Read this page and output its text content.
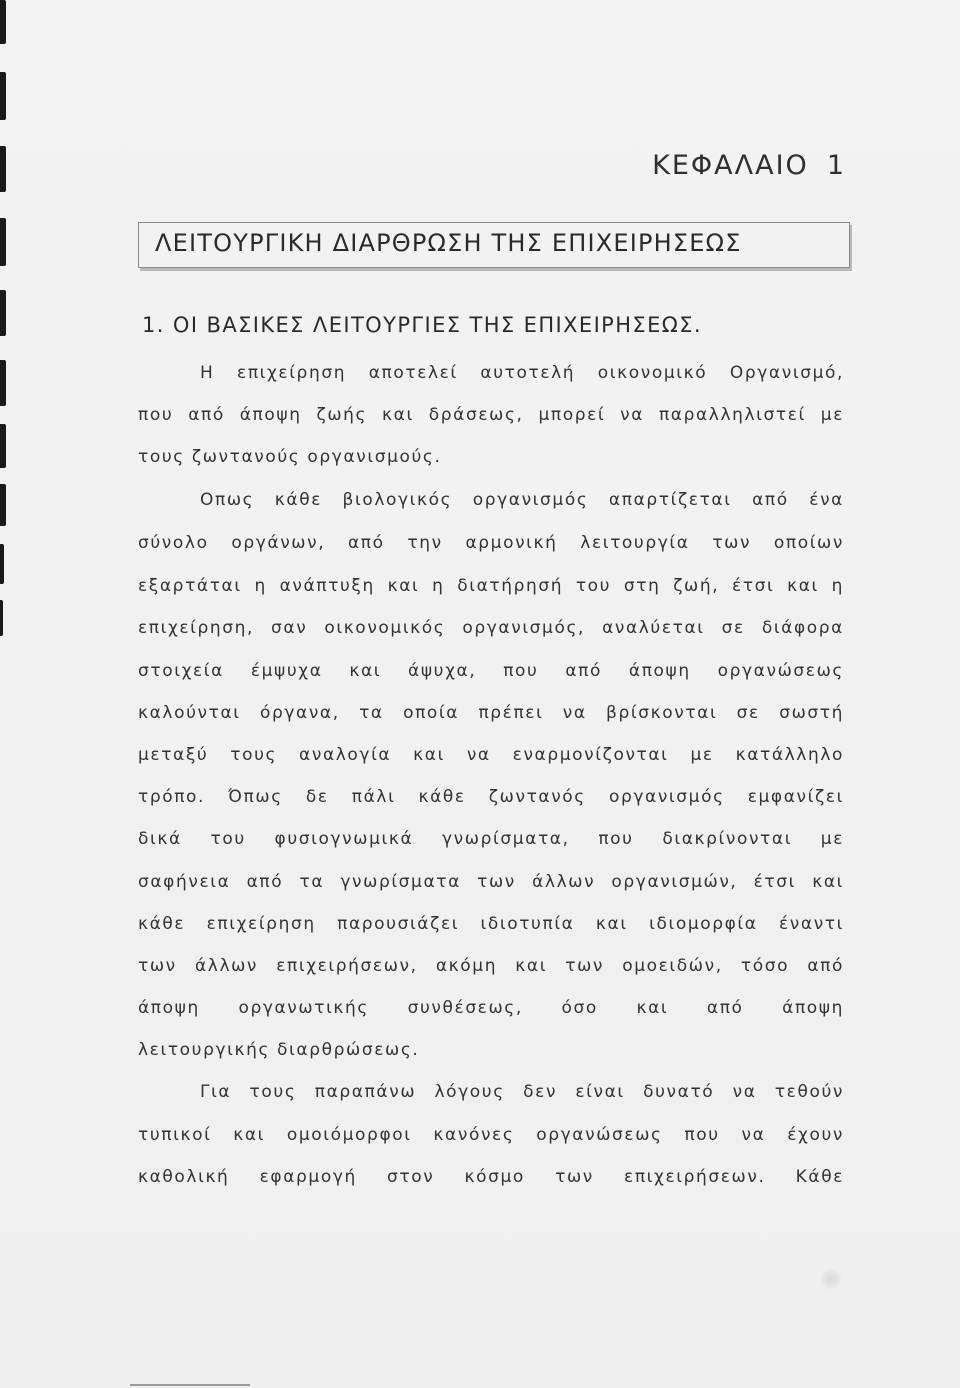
ΚΕΦΑΛΑΙΟ 1
ΛΕΙΤΟΥΡΓΙΚΗ ΔΙΑΡΘΡΩΣΗ ΤΗΣ ΕΠΙΧΕΙΡΗΣΕΩΣ
1. ΟΙ ΒΑΣΙΚΕΣ ΛΕΙΤΟΥΡΓΙΕΣ ΤΗΣ ΕΠΙΧΕΙΡΗΣΕΩΣ.
Η επιχείρηση αποτελεί αυτοτελή οικονομικό Οργανισμό,
που από άποψη ζωής και δράσεως, μπορεί να παραλληλιστεί με
τους ζωντανούς οργανισμούς.
Οπως κάθε βιολογικός οργανισμός απαρτίζεται από ένα
σύνολο οργάνων, από την αρμονική λειτουργία των οποίων
εξαρτάται η ανάπτυξη και η διατήρησή του στη ζωή, έτσι και η
επιχείρηση, σαν οικονομικός οργανισμός, αναλύεται σε διάφορα
στοιχεία έμψυχα και άψυχα, που από άποψη οργανώσεως
καλούνται όργανα, τα οποία πρέπει να βρίσκονται σε σωστή
μεταξύ τους αναλογία και να εναρμονίζονται με κατάλληλο
τρόπο. Όπως δε πάλι κάθε ζωντανός οργανισμός εμφανίζει
δικά του φυσιογνωμικά γνωρίσματα, που διακρίνονται με
σαφήνεια από τα γνωρίσματα των άλλων οργανισμών, έτσι και
κάθε επιχείρηση παρουσιάζει ιδιοτυπία και ιδιομορφία έναντι
των άλλων επιχειρήσεων, ακόμη και των ομοειδών, τόσο από
άποψη οργανωτικής συνθέσεως, όσο και από άποψη
λειτουργικής διαρθρώσεως.
Για τους παραπάνω λόγους δεν είναι δυνατό να τεθούν
τυπικοί και ομοιόμορφοι κανόνες οργανώσεως που να έχουν
καθολική εφαρμογή στον κόσμο των επιχειρήσεων. Κάθε
